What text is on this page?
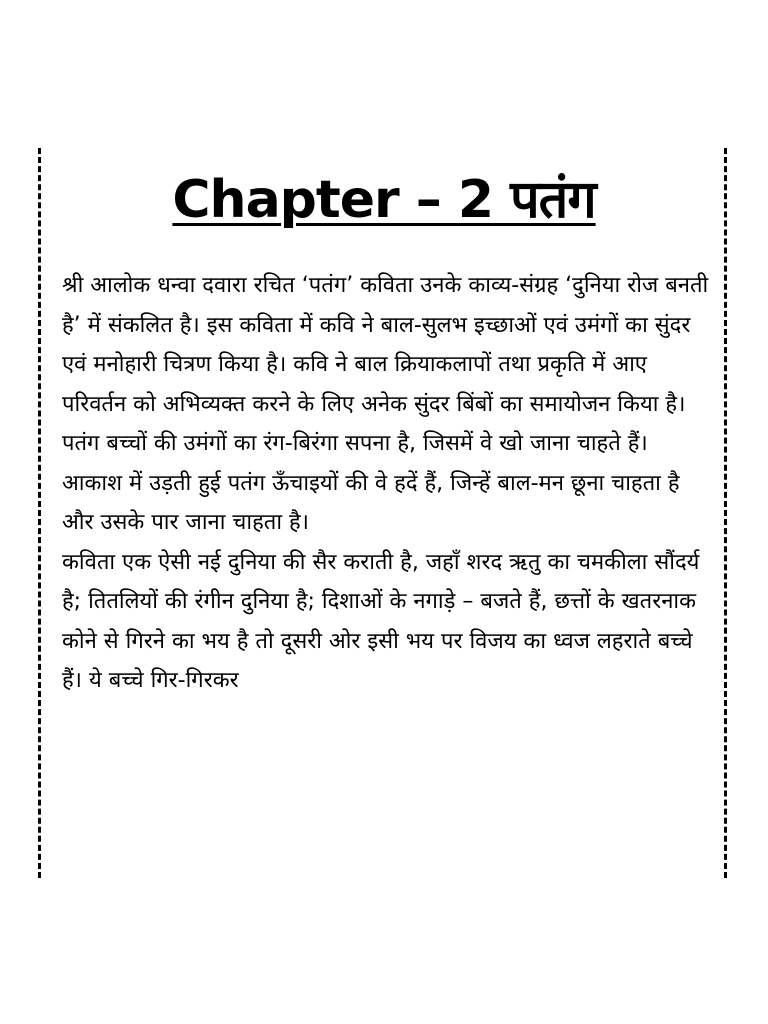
Chapter – 2 पतंग

श्री आलोक धन्वा दवारा रचित ‘पतंग’ कविता उनके काव्य-संग्रह ‘दुनिया रोज बनती है’ में संकलित है। इस कविता में कवि ने बाल-सुलभ इच्छाओं एवं उमंगों का सुंदर एवं मनोहारी चित्रण किया है। कवि ने बाल क्रियाकलापों तथा प्रकृति में आए परिवर्तन को अभिव्यक्त करने के लिए अनेक सुंदर बिंबों का समायोजन किया है। पतंग बच्चों की उमंगों का रंग-बिरंगा सपना है, जिसमें वे खो जाना चाहते हैं। आकाश में उड़ती हुई पतंग ऊँचाइयों की वे हदें हैं, जिन्हें बाल-मन छूना चाहता है और उसके पार जाना चाहता है।

कविता एक ऐसी नई दुनिया की सैर कराती है, जहाँ शरद ऋतु का चमकीला सौंदर्य है; तितलियों की रंगीन दुनिया है; दिशाओं के नगाड़े – बजते हैं, छत्तों के खतरनाक कोने से गिरने का भय है तो दूसरी ओर इसी भय पर विजय का ध्वज लहराते बच्चे हैं। ये बच्चे गिर-गिरकर
